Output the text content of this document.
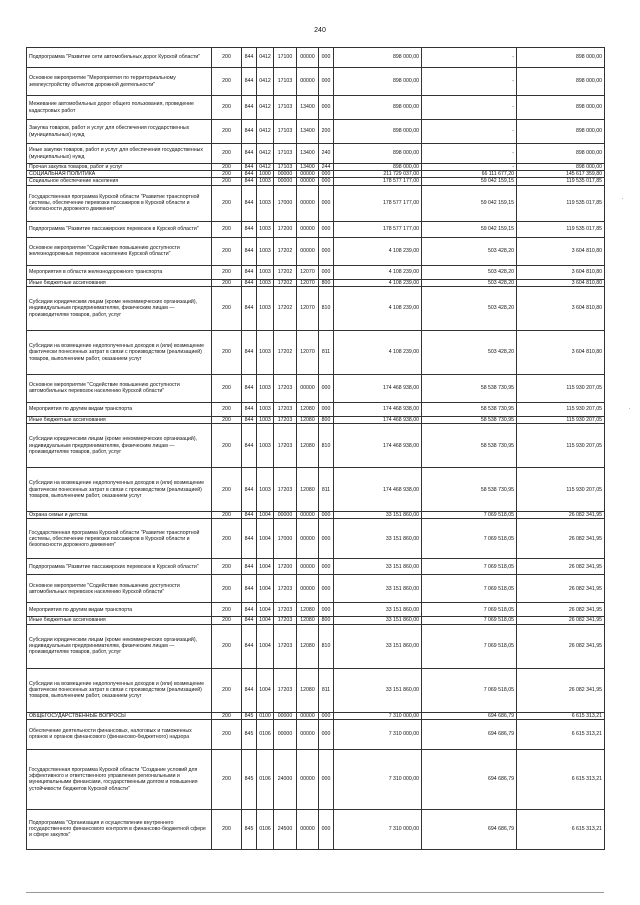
240
Подпрограмма "Развитие сети автомобильных дорог Курской области"	200	844	0412	17100	00000	000	898 000,00	-	898 000,00
Основное мероприятие "Мероприятия по территориальному землеустройству объектов дорожной деятельности"	200	844	0412	17103	00000	000	898 000,00	-	898 000,00
Межевание автомобильных дорог общего пользования, проведение кадастровых работ	200	844	0412	17103	13400	000	898 000,00	-	898 000,00
Закупка товаров, работ и услуг для обеспечения государственных (муниципальных) нужд	200	844	0412	17103	13400	200	898 000,00	-	898 000,00
Иные закупки товаров, работ и услуг для обеспечения государственных (муниципальных) нужд	200	844	0412	17103	13400	240	898 000,00	-	898 000,00
Прочая закупка товаров, работ и услуг	200	844	0412	17103	13400	244	898 000,00	-	898 000,00
СОЦИАЛЬНАЯ ПОЛИТИКА	200	844	1000	00000	00000	000	211 729 037,00	66 111 677,20	145 617 359,80
Социальное обеспечение населения	200	844	1003	00000	00000	000	178 577 177,00	59 042 159,15	119 535 017,85
Государственная программа Курской области "Развитие транспортной системы, обеспечение перевозки пассажиров в Курской области и безопасности дорожного движения"	200	844	1003	17000	00000	000	178 577 177,00	59 042 159,15	119 535 017,85
Подпрограмма "Развитие пассажирских перевозок в Курской области"	200	844	1003	17200	00000	000	178 577 177,00	59 042 159,15	119 535 017,85
Основное мероприятие "Содействие повышению доступности железнодорожных перевозок населению Курской области"	200	844	1003	17202	00000	000	4 108 239,00	503 428,20	3 604 810,80
Мероприятия в области железнодорожного транспорта	200	844	1003	17202	12070	000	4 108 239,00	503 428,20	3 604 810,80
Иные бюджетные ассигнования	200	844	1003	17202	12070	800	4 108 239,00	503 428,20	3 604 810,80
Субсидии юридическим лицам (кроме некоммерческих организаций), индивидуальным предпринимателям, физическим лицам — производителям товаров, работ, услуг	200	844	1003	17202	12070	810	4 108 239,00	503 428,20	3 604 810,80
Субсидии на возмещение недополученных доходов и (или) возмещение фактически понесенных затрат в связи с производством (реализацией) товаров, выполнением работ, оказанием услуг	200	844	1003	17202	12070	811	4 108 239,00	503 428,20	3 604 810,80
Основное мероприятие "Содействие повышению доступности автомобильных перевозок населению Курской области"	200	844	1003	17203	00000	000	174 468 938,00	58 538 730,95	115 930 207,05
Мероприятия по другим видам транспорта	200	844	1003	17203	12080	000	174 468 938,00	58 538 730,95	115 930 207,05
Иные бюджетные ассигнования	200	844	1003	17203	12080	800	174 468 938,00	58 538 730,95	115 930 207,05
Субсидии юридическим лицам (кроме некоммерческих организаций), индивидуальным предпринимателям, физическим лицам — производителям товаров, работ, услуг	200	844	1003	17203	12080	810	174 468 938,00	58 538 730,95	115 930 207,05
Субсидии на возмещение недополученных доходов и (или) возмещение фактически понесенных затрат в связи с производством (реализацией) товаров, выполнением работ, оказанием услуг	200	844	1003	17203	12080	811	174 468 938,00	58 538 730,95	115 930 207,05
Охрана семьи и детства	200	844	1004	00000	00000	000	33 151 860,00	7 069 518,05	26 082 341,95
Государственная программа Курской области "Развитие транспортной системы, обеспечение перевозки пассажиров в Курской области и безопасности дорожного движения"	200	844	1004	17000	00000	000	33 151 860,00	7 069 518,05	26 082 341,95
Подпрограмма "Развитие пассажирских перевозок в Курской области"	200	844	1004	17200	00000	000	33 151 860,00	7 069 518,05	26 082 341,95
Основное мероприятие "Содействие повышению доступности автомобильных перевозок населению Курской области"	200	844	1004	17203	00000	000	33 151 860,00	7 069 518,05	26 082 341,95
Мероприятия по другим видам транспорта	200	844	1004	17203	12080	000	33 151 860,00	7 069 518,05	26 082 341,95
Иные бюджетные ассигнования	200	844	1004	17203	12080	800	33 151 860,00	7 069 518,05	26 082 341,95
Субсидии юридическим лицам (кроме некоммерческих организаций), индивидуальным предпринимателям, физическим лицам — производителям товаров, работ, услуг	200	844	1004	17203	12080	810	33 151 860,00	7 069 518,05	26 082 341,95
Субсидии на возмещение недополученных доходов и (или) возмещение фактически понесенных затрат в связи с производством (реализацией) товаров, выполнением работ, оказанием услуг	200	844	1004	17203	12080	811	33 151 860,00	7 069 518,05	26 082 341,95
ОБЩЕГОСУДАРСТВЕННЫЕ ВОПРОСЫ	200	845	0100	00000	00000	000	7 310 000,00	694 686,79	6 615 313,21
Обеспечение деятельности финансовых, налоговых и таможенных органов и органов финансового (финансово-бюджетного) надзора	200	845	0106	00000	00000	000	7 310 000,00	694 686,79	6 615 313,21
Государственная программа Курской области "Создание условий для эффективного и ответственного управления региональными и муниципальными финансами, государственным долгом и повышения устойчивости бюджетов Курской области"	200	845	0106	24000	00000	000	7 310 000,00	694 686,79	6 615 313,21
Подпрограмма "Организация и осуществление внутреннего государственного финансового контроля в финансово-бюджетной сфере и сфере закупок"	200	845	0106	24500	00000	000	7 310 000,00	694 686,79	6 615 313,21
